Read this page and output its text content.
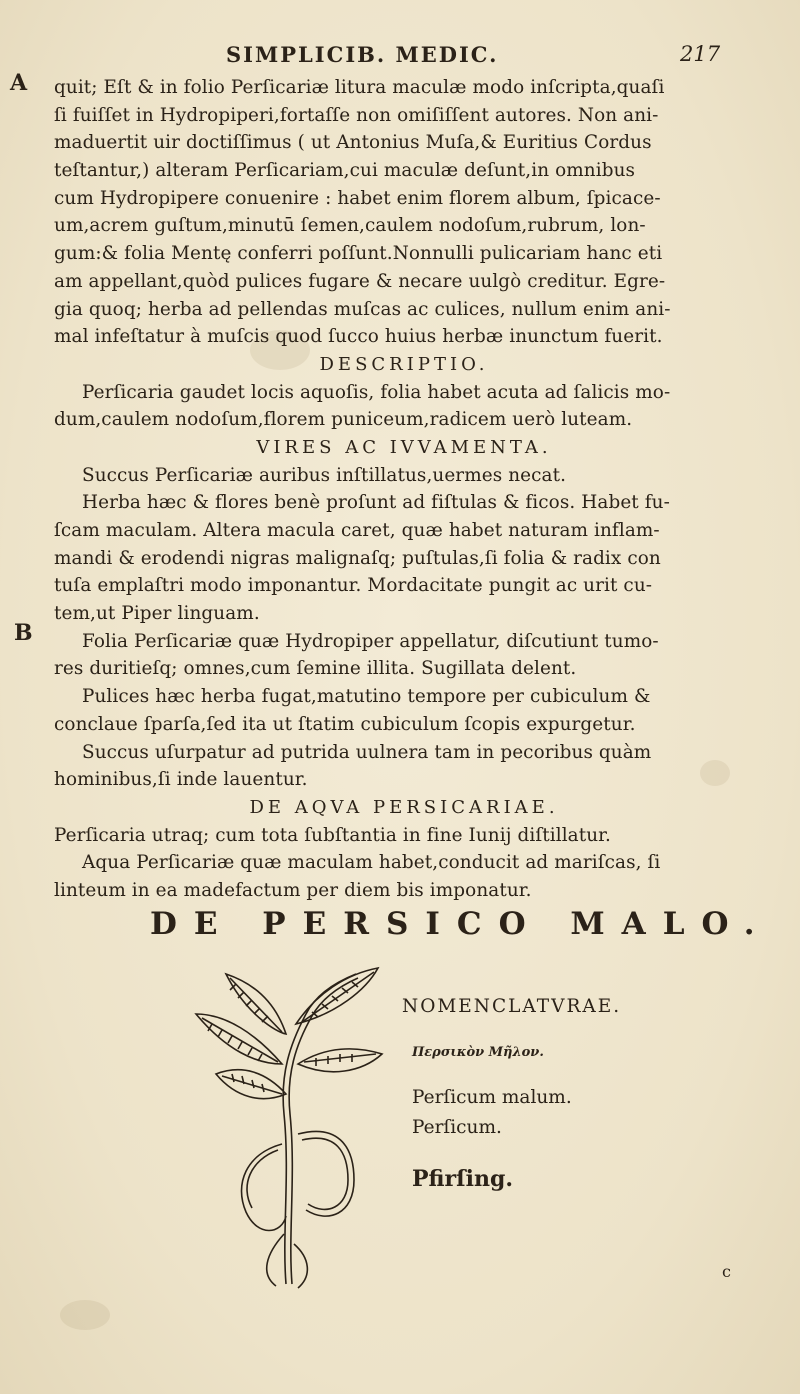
SIMPLICIB. MEDIC.	217
A
B
quit; Eſt & in folio Perſicariæ litura maculæ modo inſcripta,quaſi
ſi fuiſſet in Hydropiperi,fortaſſe non omiſiſſent autores. Non ani-
maduertit uir doctiſſimus ( ut Antonius Muſa,& Euritius Cordus
teſtantur,) alteram Perſicariam,cui maculæ deſunt,in omnibus
cum Hydropipere conuenire : habet enim florem album, ſpicace-
um,acrem guſtum,minutū ſemen,caulem nodoſum,rubrum, lon-
gum:& folia Mentę conferri poſſunt.Nonnulli pulicariam hanc eti
am appellant,quòd pulices fugare & necare uulgò creditur. Egre-
gia quoq; herba ad pellendas muſcas ac culices, nullum enim ani-
mal infeſtatur à muſcis quod ſucco huius herbæ inunctum fuerit.
DESCRIPTIO.
Perſicaria gaudet locis aquoſis, folia habet acuta ad ſalicis mo-
dum,caulem nodoſum,florem puniceum,radicem uerò luteam.
VIRES AC IVVAMENTA.
Succus Perſicariæ auribus inſtillatus,uermes necat.
Herba hæc & flores benè proſunt ad fiſtulas & ficos. Habet fu-
ſcam maculam. Altera macula caret, quæ habet naturam inflam-
mandi & erodendi nigras malignaſq; puſtulas,ſi folia & radix con
tuſa emplaſtri modo imponantur. Mordacitate pungit ac urit cu-
tem,ut Piper linguam.
Folia Perſicariæ quæ Hydropiper appellatur, diſcutiunt tumo-
res duritieſq; omnes,cum ſemine illita. Sugillata delent.
Pulices hæc herba fugat,matutino tempore per cubiculum &
conclaue ſparſa,ſed ita ut ſtatim cubiculum ſcopis expurgetur.
Succus uſurpatur ad putrida uulnera tam in pecoribus quàm
hominibus,ſi inde lauentur.
DE AQVA PERSICARIAE.
Perſicaria utraq; cum tota ſubſtantia in fine Iunij diſtillatur.
Aqua Perſicariæ quæ maculam habet,conducit ad mariſcas, ſi
linteum in ea madefactum per diem bis imponatur.
DE PERSICO MALO.
NOMENCLATVRAE.
Περσικὸν Μῆλον.
Perſicum malum.
Perſicum.
Pfirſing.
c
